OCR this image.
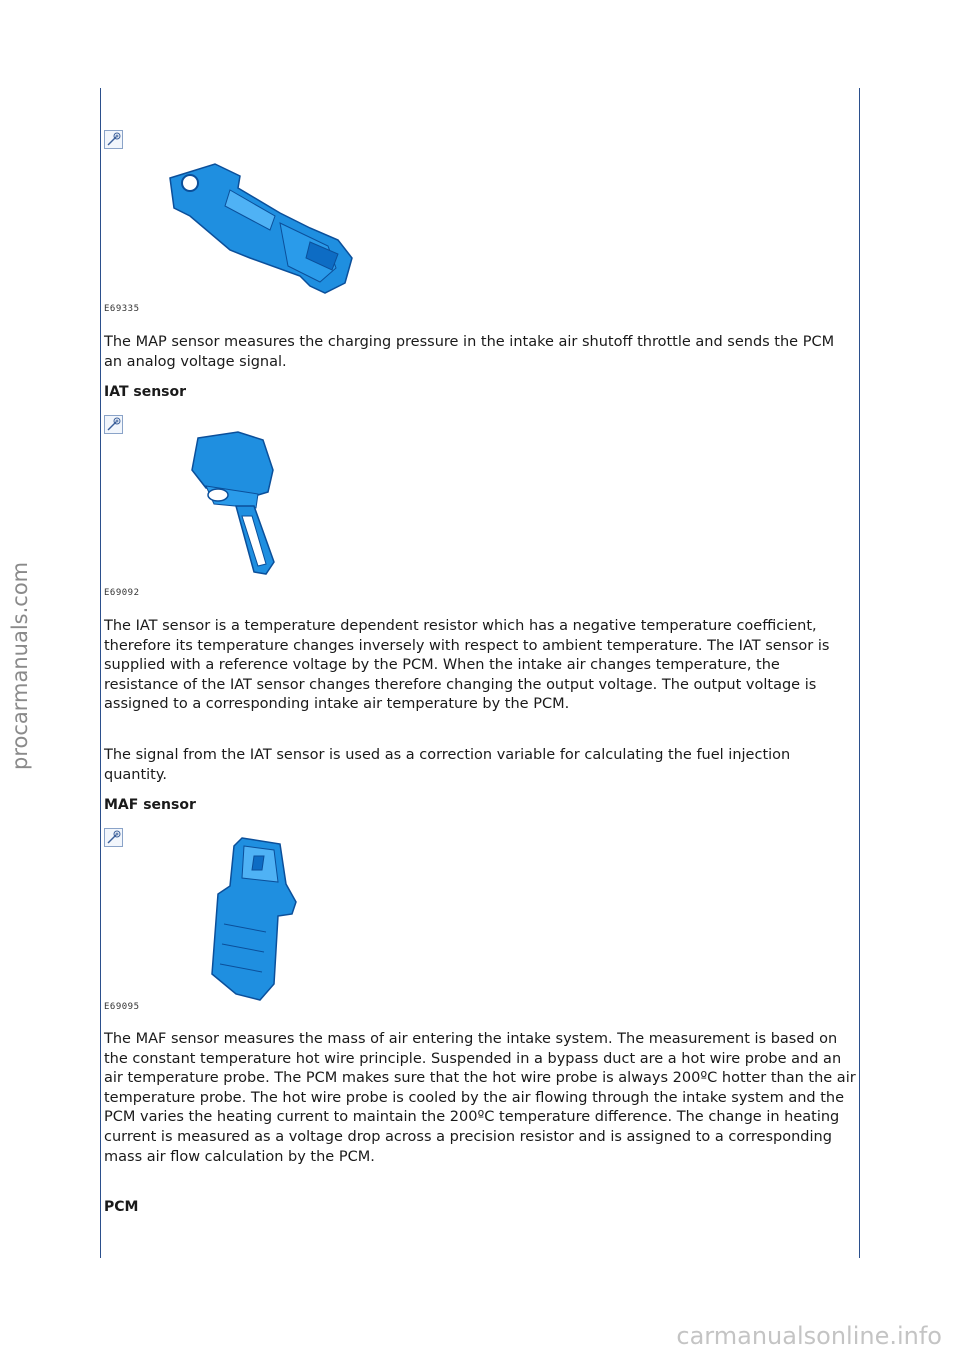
procarmanuals.com
E69335

The MAP sensor measures the charging pressure in the intake air shutoff throttle and sends the PCM an analog voltage signal.

IAT sensor
E69092

The IAT sensor is a temperature dependent resistor which has a negative temperature coefficient, therefore its temperature changes inversely with respect to ambient temperature. The IAT sensor is supplied with a reference voltage by the PCM. When the intake air changes temperature, the resistance of the IAT sensor changes therefore changing the output voltage. The output voltage is assigned to a corresponding intake air temperature by the PCM.

The signal from the IAT sensor is used as a correction variable for calculating the fuel injection quantity.

MAF sensor
E69095

The MAF sensor measures the mass of air entering the intake system. The measurement is based on the constant temperature hot wire principle. Suspended in a bypass duct are a hot wire probe and an air temperature probe. The PCM makes sure that the hot wire probe is always 200ºC hotter than the air temperature probe. The hot wire probe is cooled by the air flowing through the intake system and the PCM varies the heating current to maintain the 200ºC temperature difference. The change in heating current is measured as a voltage drop across a precision resistor and is assigned to a corresponding mass air flow calculation by the PCM.

PCM
carmanualsonline.info
